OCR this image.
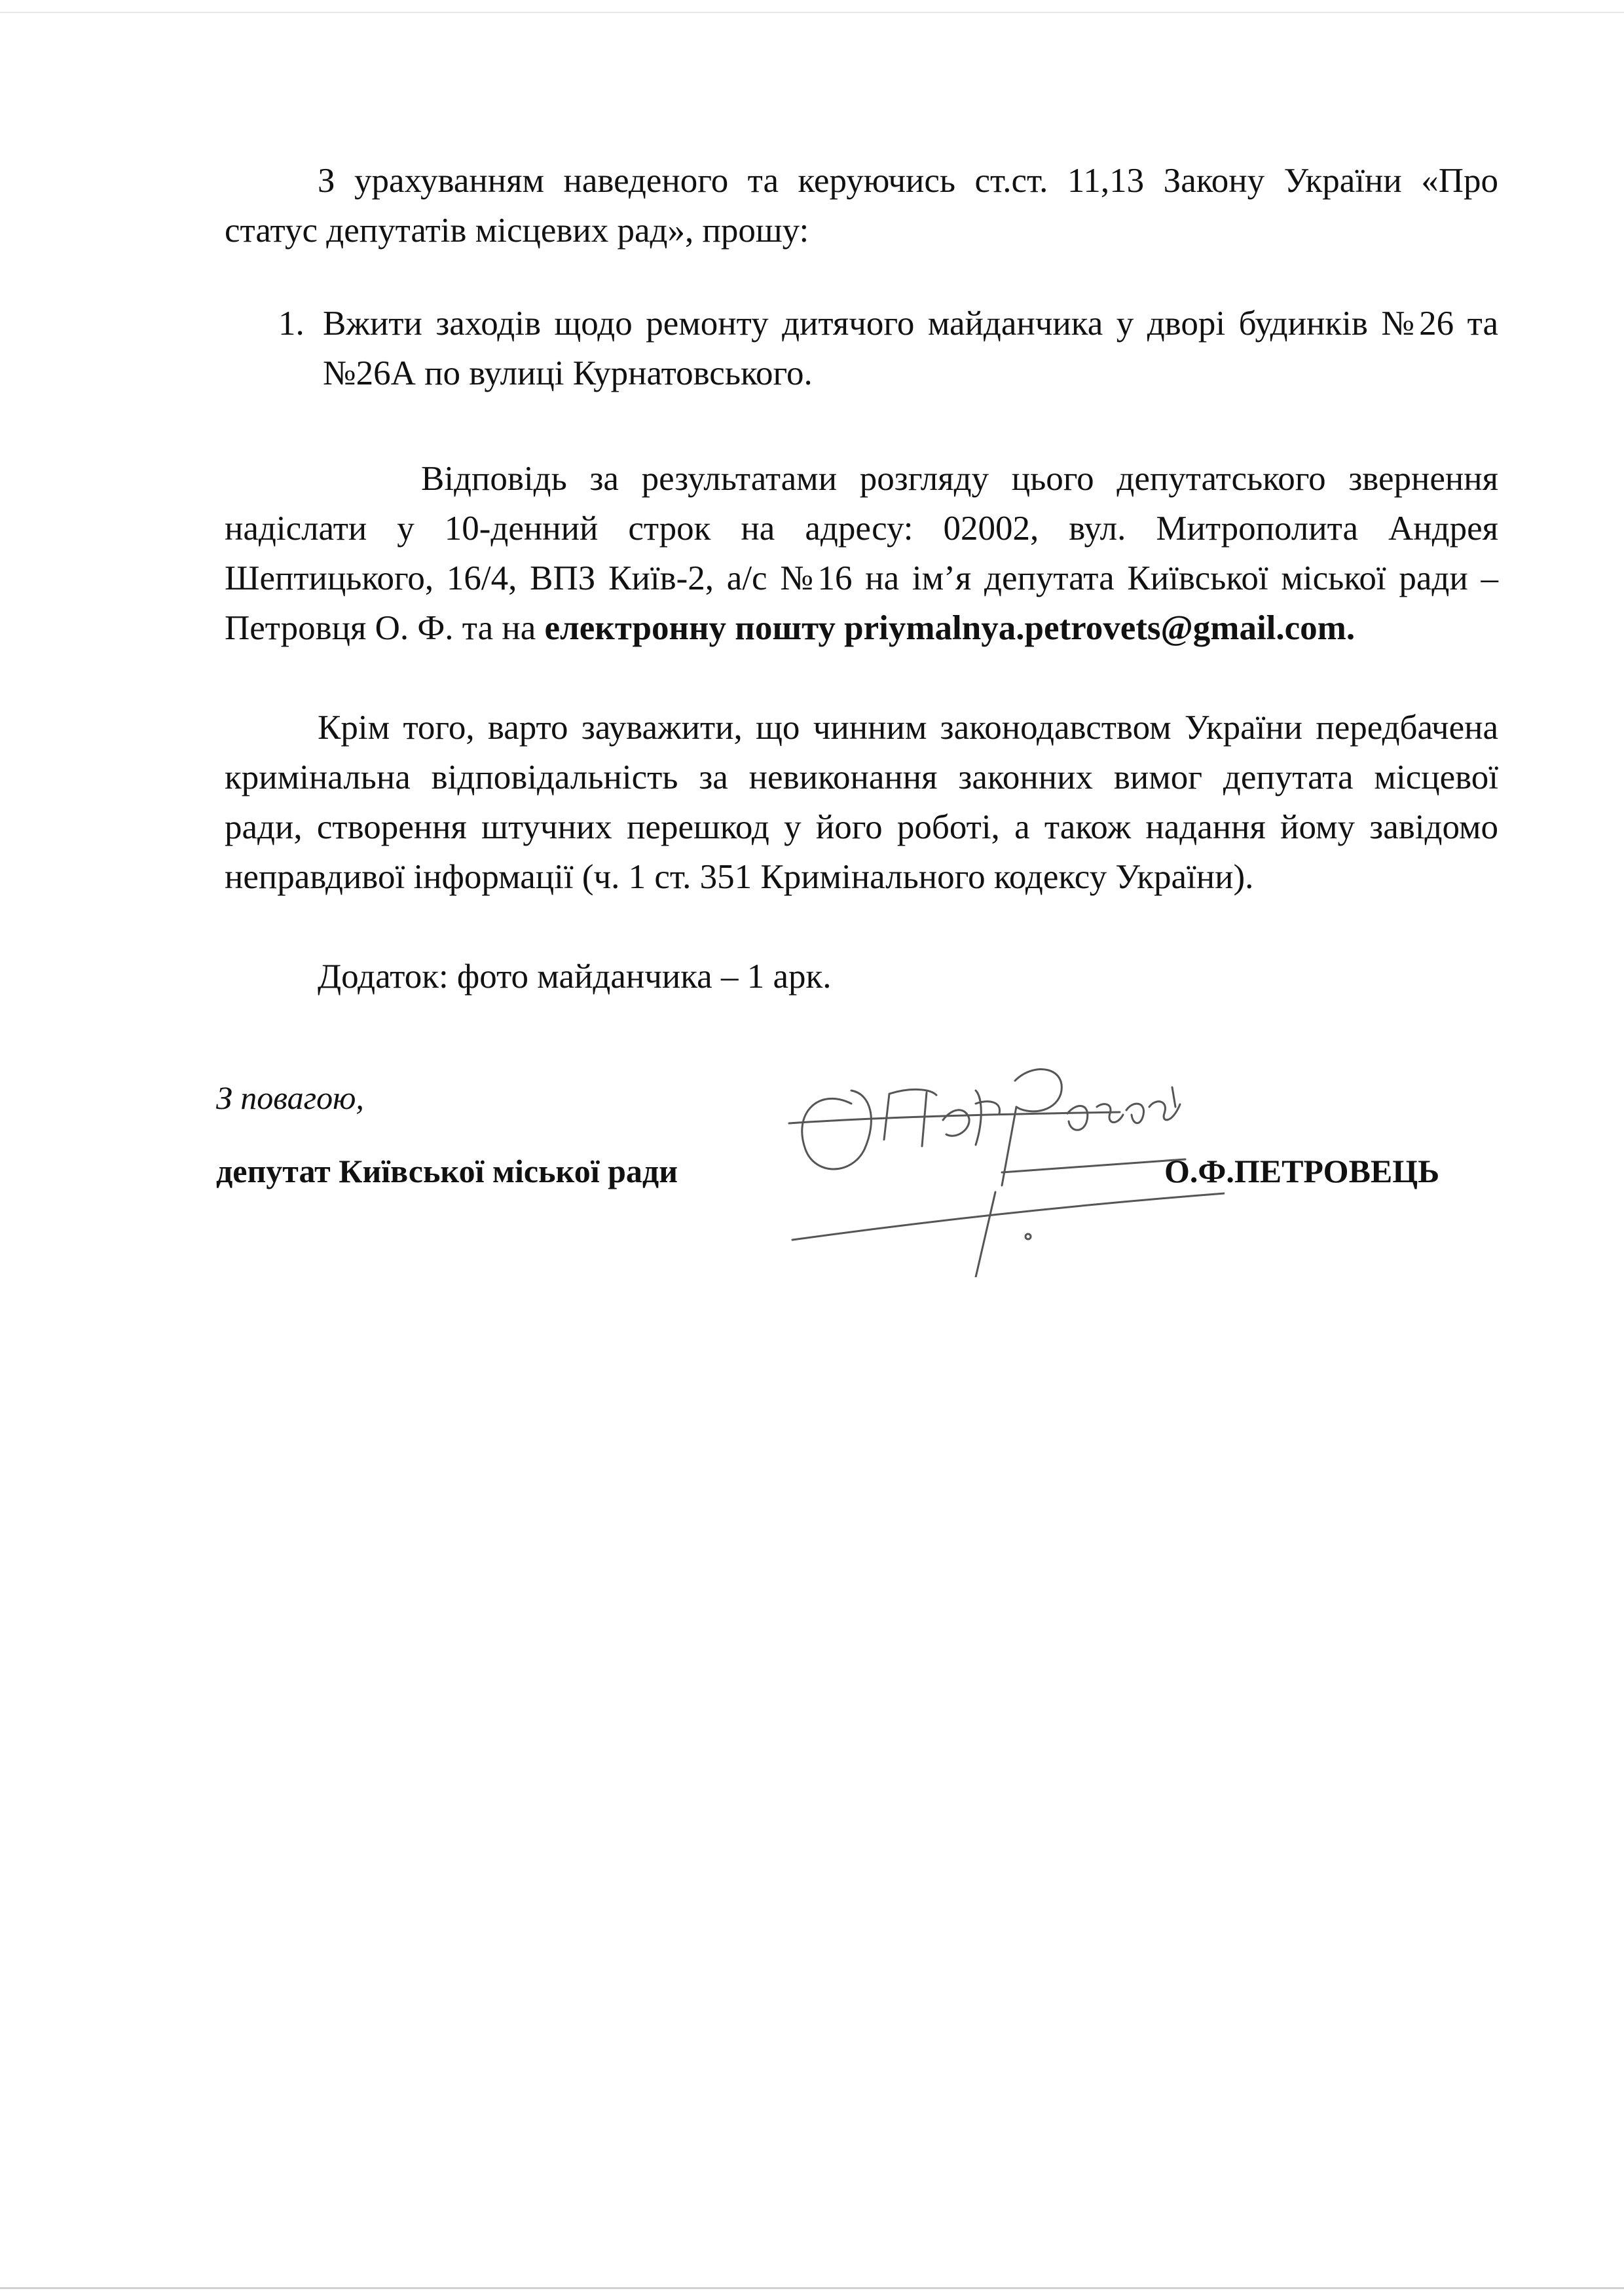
З урахуванням наведеного та керуючись ст.ст. 11,13 Закону України «Про статус депутатів місцевих рад», прошу:

1. Вжити заходів щодо ремонту дитячого майданчика у дворі будинків №26 та №26А по вулиці Курнатовського.

Відповідь за результатами розгляду цього депутатського звернення надіслати у 10-денний строк на адресу: 02002, вул. Митрополита Андрея Шептицького, 16/4, ВПЗ Київ-2, а/с №16 на ім’я депутата Київської міської ради – Петровця О. Ф. та на електронну пошту priymalnya.petrovets@gmail.com.

Крім того, варто зауважити, що чинним законодавством України передбачена кримінальна відповідальність за невиконання законних вимог депутата місцевої ради, створення штучних перешкод у його роботі, а також надання йому завідомо неправдивої інформації (ч. 1 ст. 351 Кримінального кодексу України).

Додаток: фото майданчика – 1 арк.

З повагою,
депутат Київської міської ради	О.Ф.ПЕТРОВЕЦЬ
